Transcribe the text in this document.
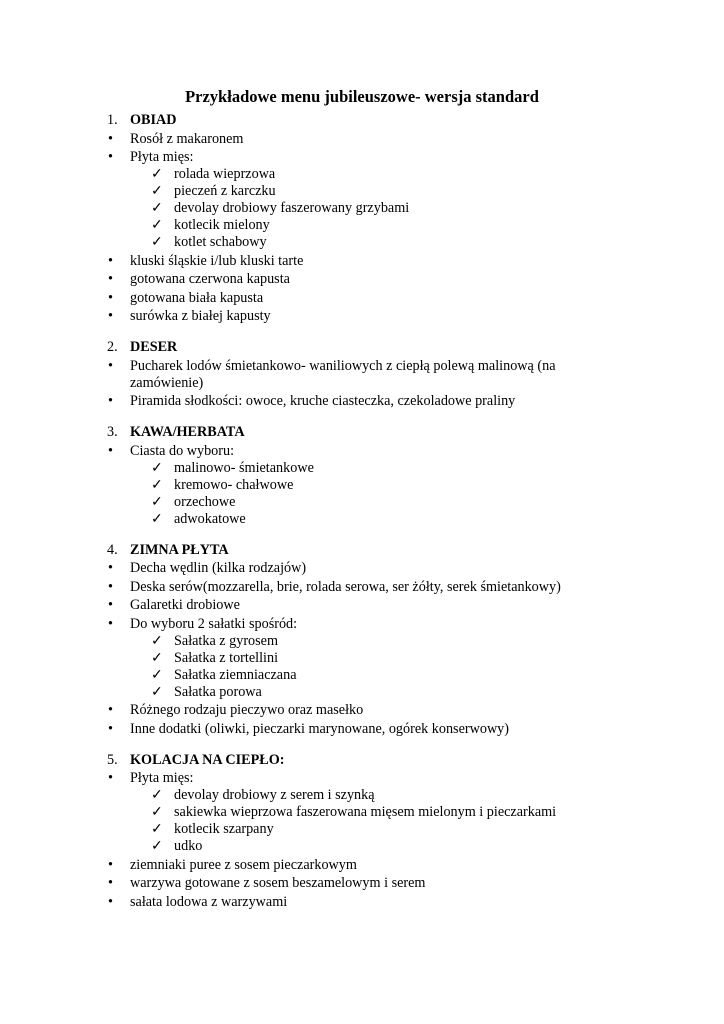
Przykładowe menu jubileuszowe- wersja standard
1. OBIAD
• Rosół z makaronem
• Płyta mięs:
✓ rolada wieprzowa
✓ pieczeń z karczku
✓ devolay drobiowy faszerowany grzybami
✓ kotlecik mielony
✓ kotlet schabowy
• kluski śląskie i/lub kluski tarte
• gotowana czerwona kapusta
• gotowana biała kapusta
• surówka z białej kapusty
2. DESER
• Pucharek lodów śmietankowo- waniliowych z ciepłą polewą malinową (na zamówienie)
• Piramida słodkości: owoce, kruche ciasteczka, czekoladowe praliny
3. KAWA/HERBATA
• Ciasta do wyboru:
✓ malinowo- śmietankowe
✓ kremowo- chałwowe
✓ orzechowe
✓ adwokatowe
4. ZIMNA PŁYTA
• Decha wędlin (kilka rodzajów)
• Deska serów(mozzarella, brie, rolada serowa, ser żółty, serek śmietankowy)
• Galaretki drobiowe
• Do wyboru 2 sałatki spośród:
✓ Sałatka z gyrosem
✓ Sałatka z tortellini
✓ Sałatka ziemniaczana
✓ Sałatka porowa
• Różnego rodzaju pieczywo oraz masełko
• Inne dodatki (oliwki, pieczarki marynowane, ogórek konserwowy)
5. KOLACJA NA CIEPŁO:
• Płyta mięs:
✓ devolay drobiowy z serem i szynką
✓ sakiewka wieprzowa faszerowana mięsem mielonym i pieczarkami
✓ kotlecik szarpany
✓ udko
• ziemniaki puree z sosem pieczarkowym
• warzywa gotowane z sosem beszamelowym i serem
• sałata lodowa z warzywami
